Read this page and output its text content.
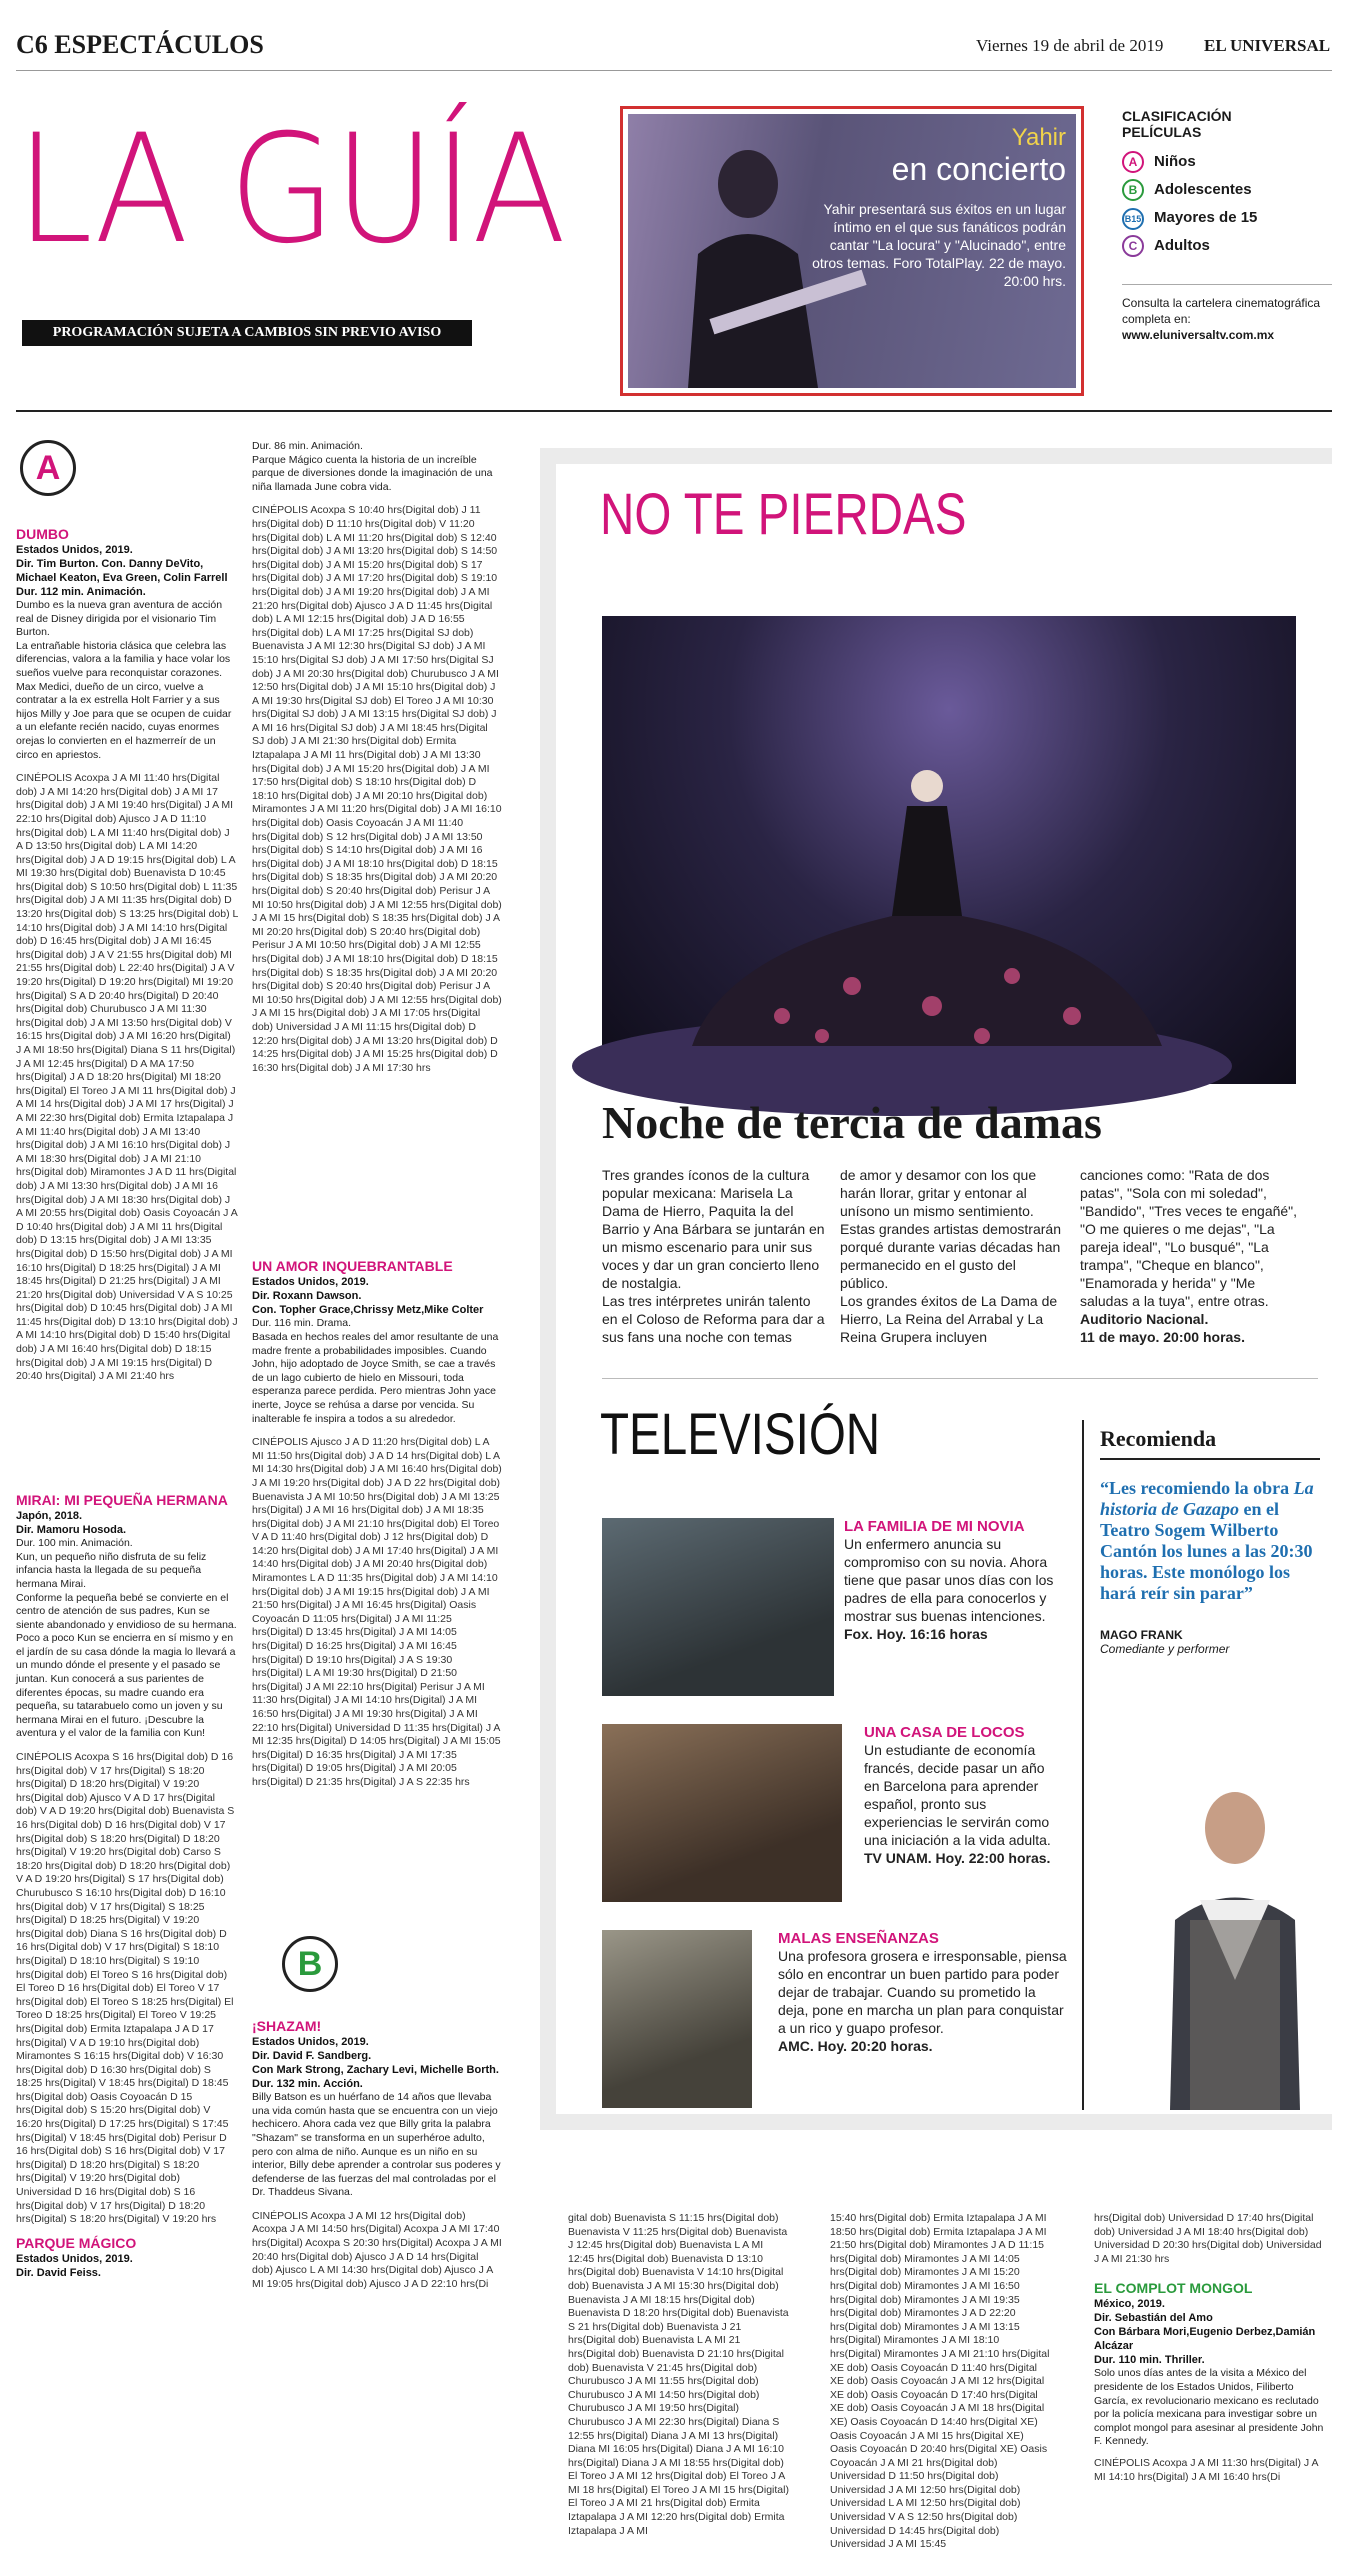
C6 ESPECTÁCULOS	Viernes 19 de abril de 2019 EL UNIVERSAL
LA GUÍA
PROGRAMACIÓN SUJETA A CAMBIOS SIN PREVIO AVISO
Yahir
en concierto
Yahir presentará sus éxitos en un lugar íntimo en el que sus fanáticos podrán cantar "La locura" y "Alucinado", entre otros temas. Foro TotalPlay. 22 de mayo. 20:00 hrs.
CLASIFICACIÓN
PELÍCULAS
A Niños
B Adolescentes
B15 Mayores de 15
C Adultos
Consulta la cartelera cinematográfica completa en:
www.eluniversaltv.com.mx
A
DUMBO
Estados Unidos, 2019.
Dir. Tim Burton. Con. Danny DeVito, Michael Keaton, Eva Green, Colin Farrell
Dur. 112 min. Animación.
Dumbo es la nueva gran aventura de acción real de Disney dirigida por el visionario Tim Burton.
La entrañable historia clásica que celebra las diferencias, valora a la familia y hace volar los sueños vuelve para reconquistar corazones. Max Medici, dueño de un circo, vuelve a contratar a la ex estrella Holt Farrier y a sus hijos Milly y Joe para que se ocupen de cuidar a un elefante recién nacido, cuyas enormes orejas lo convierten en el hazmerreír de un circo en apriestos.
CINÉPOLIS Acoxpa J A MI 11:40 hrs(Digital dob) J A MI 14:20 hrs(Digital dob) J A MI 17 hrs(Digital dob) J A MI 19:40 hrs(Digital) J A MI 22:10 hrs(Digital dob) Ajusco J A D 11:10 hrs(Digital dob) L A MI 11:40 hrs(Digital dob) J A D 13:50 hrs(Digital dob) L A MI 14:20 hrs(Digital dob) J A D 19:15 hrs(Digital dob) L A MI 19:30 hrs(Digital dob) Buenavista D 10:45 hrs(Digital dob) S 10:50 hrs(Digital dob) L 11:35 hrs(Digital dob) J A MI 11:35 hrs(Digital dob) D 13:20 hrs(Digital dob) S 13:25 hrs(Digital dob) L 14:10 hrs(Digital dob) J A MI 14:10 hrs(Digital dob) D 16:45 hrs(Digital dob) J A MI 16:45 hrs(Digital dob) J A V 21:55 hrs(Digital dob) MI 21:55 hrs(Digital dob) L 22:40 hrs(Digital) J A V 19:20 hrs(Digital) D 19:20 hrs(Digital) MI 19:20 hrs(Digital) S A D 20:40 hrs(Digital) D 20:40 hrs(Digital dob) Churubusco J A MI 11:30 hrs(Digital dob) J A MI 13:50 hrs(Digital dob) V 16:15 hrs(Digital dob) J A MI 16:20 hrs(Digital) J A MI 18:50 hrs(Digital) Diana S 11 hrs(Digital) J A MI 12:45 hrs(Digital) D A MA 17:50 hrs(Digital) J A D 18:20 hrs(Digital) MI 18:20 hrs(Digital) El Toreo J A MI 11 hrs(Digital dob) J A MI 14 hrs(Digital dob) J A MI 17 hrs(Digital) J A MI 22:30 hrs(Digital dob) Ermita Iztapalapa J A MI 11:40 hrs(Digital dob) J A MI 13:40 hrs(Digital dob) J A MI 16:10 hrs(Digital dob) J A MI 18:30 hrs(Digital dob) J A MI 21:10 hrs(Digital dob) Miramontes J A D 11 hrs(Digital dob) J A MI 13:30 hrs(Digital dob) J A MI 16 hrs(Digital dob) J A MI 18:30 hrs(Digital dob) J A MI 20:55 hrs(Digital dob) Oasis Coyoacán J A D 10:40 hrs(Digital dob) J A MI 11 hrs(Digital dob) D 13:15 hrs(Digital dob) J A MI 13:35 hrs(Digital dob) D 15:50 hrs(Digital dob) J A MI 16:10 hrs(Digital) D 18:25 hrs(Digital) J A MI 18:45 hrs(Digital) D 21:25 hrs(Digital) J A MI 21:20 hrs(Digital dob) Universidad V A S 10:25 hrs(Digital dob) D 10:45 hrs(Digital dob) J A MI 11:45 hrs(Digital dob) D 13:10 hrs(Digital dob) J A MI 14:10 hrs(Digital dob) D 15:40 hrs(Digital dob) J A MI 16:40 hrs(Digital dob) D 18:15 hrs(Digital dob) J A MI 19:15 hrs(Digital) D 20:40 hrs(Digital) J A MI 21:40 hrs
MIRAI: MI PEQUEÑA HERMANA
Japón, 2018.
Dir. Mamoru Hosoda.
Dur. 100 min. Animación.
Kun, un pequeño niño disfruta de su feliz infancia hasta la llegada de su pequeña hermana Mirai.
Conforme la pequeña bebé se convierte en el centro de atención de sus padres, Kun se siente abandonado y envidioso de su hermana.
Poco a poco Kun se encierra en sí mismo y en el jardín de su casa dónde la magia lo llevará a un mundo dónde el presente y el pasado se juntan. Kun conocerá a sus parientes de diferentes épocas, su madre cuando era pequeña, su tatarabuelo como un joven y su hermana Mirai en el futuro. ¡Descubre la aventura y el valor de la familia con Kun!
CINÉPOLIS Acoxpa S 16 hrs(Digital dob) D 16 hrs(Digital dob) V 17 hrs(Digital) S 18:20 hrs(Digital) D 18:20 hrs(Digital) V 19:20 hrs(Digital dob) Ajusco V A D 17 hrs(Digital dob) V A D 19:20 hrs(Digital dob) Buenavista S 16 hrs(Digital dob) D 16 hrs(Digital dob) V 17 hrs(Digital dob) S 18:20 hrs(Digital) D 18:20 hrs(Digital) V 19:20 hrs(Digital dob) Carso S 18:20 hrs(Digital dob) D 18:20 hrs(Digital dob) V A D 19:20 hrs(Digital) S 17 hrs(Digital dob) Churubusco S 16:10 hrs(Digital dob) D 16:10 hrs(Digital dob) V 17 hrs(Digital) S 18:25 hrs(Digital) D 18:25 hrs(Digital) V 19:20 hrs(Digital dob) Diana S 16 hrs(Digital dob) D 16 hrs(Digital dob) V 17 hrs(Digital) S 18:10 hrs(Digital) D 18:10 hrs(Digital) S 19:10 hrs(Digital dob) El Toreo S 16 hrs(Digital dob) El Toreo D 16 hrs(Digital dob) El Toreo V 17 hrs(Digital dob) El Toreo S 18:25 hrs(Digital) El Toreo D 18:25 hrs(Digital) El Toreo V 19:25 hrs(Digital dob) Ermita Iztapalapa J A D 17 hrs(Digital) V A D 19:10 hrs(Digital dob) Miramontes S 16:15 hrs(Digital dob) V 16:30 hrs(Digital dob) D 16:30 hrs(Digital dob) S 18:25 hrs(Digital) V 18:45 hrs(Digital) D 18:45 hrs(Digital dob) Oasis Coyoacán D 15 hrs(Digital dob) S 15:20 hrs(Digital dob) V 16:20 hrs(Digital) D 17:25 hrs(Digital) S 17:45 hrs(Digital) V 18:45 hrs(Digital dob) Perisur D 16 hrs(Digital dob) S 16 hrs(Digital dob) V 17 hrs(Digital) D 18:20 hrs(Digital) S 18:20 hrs(Digital) V 19:20 hrs(Digital dob) Universidad D 16 hrs(Digital dob) S 16 hrs(Digital dob) V 17 hrs(Digital) D 18:20 hrs(Digital) S 18:20 hrs(Digital) V 19:20 hrs
PARQUE MÁGICO
Estados Unidos, 2019.
Dir. David Feiss.
Dur. 86 min. Animación.
Parque Mágico cuenta la historia de un increíble parque de diversiones donde la imaginación de una niña llamada June cobra vida.
CINÉPOLIS Acoxpa S 10:40 hrs(Digital dob) J 11 hrs(Digital dob) D 11:10 hrs(Digital dob) V 11:20 hrs(Digital dob) L A MI 11:20 hrs(Digital dob) S 12:40 hrs(Digital dob) J A MI 13:20 hrs(Digital dob) S 14:50 hrs(Digital dob) J A MI 15:20 hrs(Digital dob) S 17 hrs(Digital dob) J A MI 17:20 hrs(Digital dob) S 19:10 hrs(Digital dob) J A MI 19:20 hrs(Digital dob) J A MI 21:20 hrs(Digital dob) Ajusco J A D 11:45 hrs(Digital dob) L A MI 12:15 hrs(Digital dob) J A D 16:55 hrs(Digital dob) L A MI 17:25 hrs(Digital SJ dob) Buenavista J A MI 12:30 hrs(Digital SJ dob) J A MI 15:10 hrs(Digital SJ dob) J A MI 17:50 hrs(Digital SJ dob) J A MI 20:30 hrs(Digital dob) Churubusco J A MI 12:50 hrs(Digital dob) J A MI 15:10 hrs(Digital dob) J A MI 19:30 hrs(Digital SJ dob) El Toreo J A MI 10:30 hrs(Digital SJ dob) J A MI 13:15 hrs(Digital SJ dob) J A MI 16 hrs(Digital SJ dob) J A MI 18:45 hrs(Digital SJ dob) J A MI 21:30 hrs(Digital dob) Ermita Iztapalapa J A MI 11 hrs(Digital dob) J A MI 13:30 hrs(Digital dob) J A MI 15:20 hrs(Digital dob) J A MI 17:50 hrs(Digital dob) S 18:10 hrs(Digital dob) D 18:10 hrs(Digital dob) J A MI 20:10 hrs(Digital dob) Miramontes J A MI 11:20 hrs(Digital dob) J A MI 16:10 hrs(Digital dob) Oasis Coyoacán J A MI 11:40 hrs(Digital dob) S 12 hrs(Digital dob) J A MI 13:50 hrs(Digital dob) S 14:10 hrs(Digital dob) J A MI 16 hrs(Digital dob) J A MI 18:10 hrs(Digital dob) D 18:15 hrs(Digital dob) S 18:35 hrs(Digital dob) J A MI 20:20 hrs(Digital dob) S 20:40 hrs(Digital dob) Perisur J A MI 10:50 hrs(Digital dob) J A MI 12:55 hrs(Digital dob) J A MI 15 hrs(Digital dob) S 18:35 hrs(Digital dob) J A MI 20:20 hrs(Digital dob) S 20:40 hrs(Digital dob) Perisur J A MI 10:50 hrs(Digital dob) J A MI 12:55 hrs(Digital dob) J A MI 18:10 hrs(Digital dob) D 18:15 hrs(Digital dob) S 18:35 hrs(Digital dob) J A MI 20:20 hrs(Digital dob) S 20:40 hrs(Digital dob) Perisur J A MI 10:50 hrs(Digital dob) J A MI 12:55 hrs(Digital dob) J A MI 15 hrs(Digital dob) J A MI 17:05 hrs(Digital dob) Universidad J A MI 11:15 hrs(Digital dob) D 12:20 hrs(Digital dob) J A MI 13:20 hrs(Digital dob) D 14:25 hrs(Digital dob) J A MI 15:25 hrs(Digital dob) D 16:30 hrs(Digital dob) J A MI 17:30 hrs
UN AMOR INQUEBRANTABLE
Estados Unidos, 2019.
Dir. Roxann Dawson.
Con. Topher Grace,Chrissy Metz,Mike Colter
Dur. 116 min. Drama.
Basada en hechos reales del amor resultante de una madre frente a probabilidades imposibles. Cuando John, hijo adoptado de Joyce Smith, se cae a través de un lago cubierto de hielo en Missouri, toda esperanza parece perdida. Pero mientras John yace inerte, Joyce se rehúsa a darse por vencida. Su inalterable fe inspira a todos a su alrededor.
CINÉPOLIS Ajusco J A D 11:20 hrs(Digital dob) L A MI 11:50 hrs(Digital dob) J A D 14 hrs(Digital dob) L A MI 14:30 hrs(Digital dob) J A MI 16:40 hrs(Digital dob) J A MI 19:20 hrs(Digital dob) J A D 22 hrs(Digital dob) Buenavista J A MI 10:50 hrs(Digital dob) J A MI 13:25 hrs(Digital) J A MI 16 hrs(Digital dob) J A MI 18:35 hrs(Digital dob) J A MI 21:10 hrs(Digital dob) El Toreo V A D 11:40 hrs(Digital dob) J 12 hrs(Digital dob) D 14:20 hrs(Digital dob) J A MI 17:40 hrs(Digital) J A MI 14:40 hrs(Digital dob) J A MI 20:40 hrs(Digital dob) Miramontes L A D 11:35 hrs(Digital dob) J A MI 14:10 hrs(Digital dob) J A MI 19:15 hrs(Digital dob) J A MI 21:50 hrs(Digital) J A MI 16:45 hrs(Digital) Oasis Coyoacán D 11:05 hrs(Digital) J A MI 11:25 hrs(Digital) D 13:45 hrs(Digital) J A MI 14:05 hrs(Digital) D 16:25 hrs(Digital) J A MI 16:45 hrs(Digital) D 19:10 hrs(Digital) J A S 19:30 hrs(Digital) L A MI 19:30 hrs(Digital) D 21:50 hrs(Digital) J A MI 22:10 hrs(Digital) Perisur J A MI 11:30 hrs(Digital) J A MI 14:10 hrs(Digital) J A MI 16:50 hrs(Digital) J A MI 19:30 hrs(Digital) J A MI 22:10 hrs(Digital) Universidad D 11:35 hrs(Digital) J A MI 12:35 hrs(Digital) D 14:05 hrs(Digital) J A MI 15:05 hrs(Digital) D 16:35 hrs(Digital) J A MI 17:35 hrs(Digital) D 19:05 hrs(Digital) J A MI 20:05 hrs(Digital) D 21:35 hrs(Digital) J A S 22:35 hrs
B
¡SHAZAM!
Estados Unidos, 2019.
Dir. David F. Sandberg.
Con Mark Strong, Zachary Levi, Michelle Borth.
Dur. 132 min. Acción.
Billy Batson es un huérfano de 14 años que llevaba una vida común hasta que se encuentra con un viejo hechicero. Ahora cada vez que Billy grita la palabra "Shazam" se transforma en un superhéroe adulto, pero con alma de niño. Aunque es un niño en su interior, Billy debe aprender a controlar sus poderes y defenderse de las fuerzas del mal controladas por el Dr. Thaddeus Sivana.
CINÉPOLIS Acoxpa J A MI 12 hrs(Digital dob) Acoxpa J A MI 14:50 hrs(Digital) Acoxpa J A MI 17:40 hrs(Digital) Acoxpa S 20:30 hrs(Digital) Acoxpa J A MI 20:40 hrs(Digital dob) Ajusco J A D 14 hrs(Digital dob) Ajusco L A MI 14:30 hrs(Digital dob) Ajusco J A MI 19:05 hrs(Digital dob) Ajusco J A D 22:10 hrs(Di
NO TE PIERDAS
Noche de tercia de damas
Tres grandes íconos de la cultura popular mexicana: Marisela La Dama de Hierro, Paquita la del Barrio y Ana Bárbara se juntarán en un mismo escenario para unir sus voces y dar un gran concierto lleno de nostalgia.
Las tres intérpretes unirán talento en el Coloso de Reforma para dar a sus fans una noche con temas
de amor y desamor con los que harán llorar, gritar y entonar al unísono un mismo sentimiento.
Estas grandes artistas demostrarán porqué durante varias décadas han permanecido en el gusto del público.
Los grandes éxitos de La Dama de Hierro, La Reina del Arrabal y La Reina Grupera incluyen
canciones como: "Rata de dos patas", "Sola con mi soledad", "Bandido", "Tres veces te engañé", "O me quieres o me dejas", "La pareja ideal", "Lo busqué", "La trampa", "Cheque en blanco", "Enamorada y herida" y "Me saludas a la tuya", entre otras.
Auditorio Nacional.
11 de mayo. 20:00 horas.
TELEVISIÓN
LA FAMILIA DE MI NOVIA
Un enfermero anuncia su compromiso con su novia. Ahora tiene que pasar unos días con los padres de ella para conocerlos y mostrar sus buenas intenciones.
Fox. Hoy. 16:16 horas
UNA CASA DE LOCOS
Un estudiante de economía francés, decide pasar un año en Barcelona para aprender español, pronto sus experiencias le servirán como una iniciación a la vida adulta.
TV UNAM. Hoy. 22:00 horas.
MALAS ENSEÑANZAS
Una profesora grosera e irresponsable, piensa sólo en encontrar un buen partido para poder dejar de trabajar. Cuando su prometido la deja, pone en marcha un plan para conquistar a un rico y guapo profesor.
AMC. Hoy. 20:20 horas.
Recomienda
“Les recomiendo la obra La historia de Gazapo en el Teatro Sogem Wilberto Cantón los lunes a las 20:30 horas. Este monólogo los hará reír sin parar”
MAGO FRANK
Comediante y performer
gital dob) Buenavista S 11:15 hrs(Digital dob) Buenavista V 11:25 hrs(Digital dob) Buenavista J 12:45 hrs(Digital dob) Buenavista L A MI 12:45 hrs(Digital dob) Buenavista D 13:10 hrs(Digital dob) Buenavista V 14:10 hrs(Digital dob) Buenavista J A MI 15:30 hrs(Digital dob) Buenavista J A MI 18:15 hrs(Digital dob) Buenavista D 18:20 hrs(Digital dob) Buenavista S 21 hrs(Digital dob) Buenavista J 21 hrs(Digital dob) Buenavista L A MI 21 hrs(Digital dob) Buenavista D 21:10 hrs(Digital dob) Buenavista V 21:45 hrs(Digital dob) Churubusco J A MI 11:55 hrs(Digital dob) Churubusco J A MI 14:50 hrs(Digital dob) Churubusco J A MI 19:50 hrs(Digital) Churubusco J A MI 22:30 hrs(Digital) Diana S 12:55 hrs(Digital) Diana J A MI 13 hrs(Digital) Diana MI 16:05 hrs(Digital) Diana J A MI 16:10 hrs(Digital) Diana J A MI 18:55 hrs(Digital dob) El Toreo J A MI 12 hrs(Digital dob) El Toreo J A MI 18 hrs(Digital) El Toreo J A MI 15 hrs(Digital) El Toreo J A MI 21 hrs(Digital dob) Ermita Iztapalapa J A MI 12:20 hrs(Digital dob) Ermita Iztapalapa J A MI
15:40 hrs(Digital dob) Ermita Iztapalapa J A MI 18:50 hrs(Digital dob) Ermita Iztapalapa J A MI 21:50 hrs(Digital dob) Miramontes J A D 11:15 hrs(Digital dob) Miramontes J A MI 14:05 hrs(Digital dob) Miramontes J A MI 15:20 hrs(Digital dob) Miramontes J A MI 16:50 hrs(Digital dob) Miramontes J A MI 19:35 hrs(Digital dob) Miramontes J A D 22:20 hrs(Digital dob) Miramontes J A MI 13:15 hrs(Digital) Miramontes J A MI 18:10 hrs(Digital) Miramontes J A MI 21:10 hrs(Digital XE dob) Oasis Coyoacán D 11:40 hrs(Digital XE dob) Oasis Coyoacán J A MI 12 hrs(Digital XE dob) Oasis Coyoacán D 17:40 hrs(Digital XE dob) Oasis Coyoacán J A MI 18 hrs(Digital XE) Oasis Coyoacán D 14:40 hrs(Digital XE) Oasis Coyoacán J A MI 15 hrs(Digital XE) Oasis Coyoacán D 20:40 hrs(Digital XE) Oasis Coyoacán J A MI 21 hrs(Digital dob) Universidad D 11:50 hrs(Digital dob) Universidad J A MI 12:50 hrs(Digital dob) Universidad L A MI 12:50 hrs(Digital dob) Universidad V A S 12:50 hrs(Digital dob) Universidad D 14:45 hrs(Digital dob) Universidad J A MI 15:45
hrs(Digital dob) Universidad D 17:40 hrs(Digital dob) Universidad J A MI 18:40 hrs(Digital dob) Universidad D 20:30 hrs(Digital dob) Universidad J A MI 21:30 hrs
EL COMPLOT MONGOL
México, 2019.
Dir. Sebastián del Amo
Con Bárbara Mori,Eugenio Derbez,Damián Alcázar
Dur. 110 min. Thriller.
Solo unos días antes de la visita a México del presidente de los Estados Unidos, Filiberto García, ex revolucionario mexicano es reclutado por la policía mexicana para investigar sobre un complot mongol para asesinar al presidente John F. Kennedy.
CINÉPOLIS Acoxpa J A MI 11:30 hrs(Digital) J A MI 14:10 hrs(Digital) J A MI 16:40 hrs(Di
